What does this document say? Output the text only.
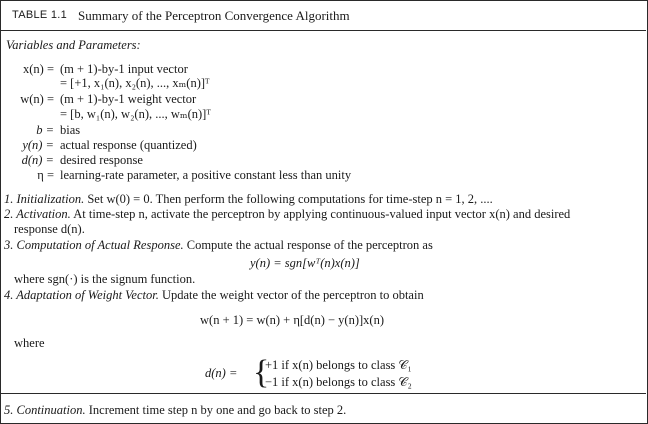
TABLE 1.1 Summary of the Perceptron Convergence Algorithm
Variables and Parameters:
x(n) = (m + 1)-by-1 input vector
= [+1, x₁(n), x₂(n), ..., xₘ(n)]ᵀ
w(n) = (m + 1)-by-1 weight vector
= [b, w₁(n), w₂(n), ..., wₘ(n)]ᵀ
b = bias
y(n) = actual response (quantized)
d(n) = desired response
η = learning-rate parameter, a positive constant less than unity
1. Initialization. Set w(0) = 0. Then perform the following computations for time-step n = 1, 2, ....
2. Activation. At time-step n, activate the perceptron by applying continuous-valued input vector x(n) and desired
response d(n).
3. Computation of Actual Response. Compute the actual response of the perceptron as
y(n) = sgn[wᵀ(n)x(n)]
where sgn(·) is the signum function.
4. Adaptation of Weight Vector. Update the weight vector of the perceptron to obtain
w(n + 1) = w(n) + η[d(n) − y(n)]x(n)
where
d(n) = {
+1 if x(n) belongs to class 𝒞₁
−1 if x(n) belongs to class 𝒞₂
5. Continuation. Increment time step n by one and go back to step 2.
